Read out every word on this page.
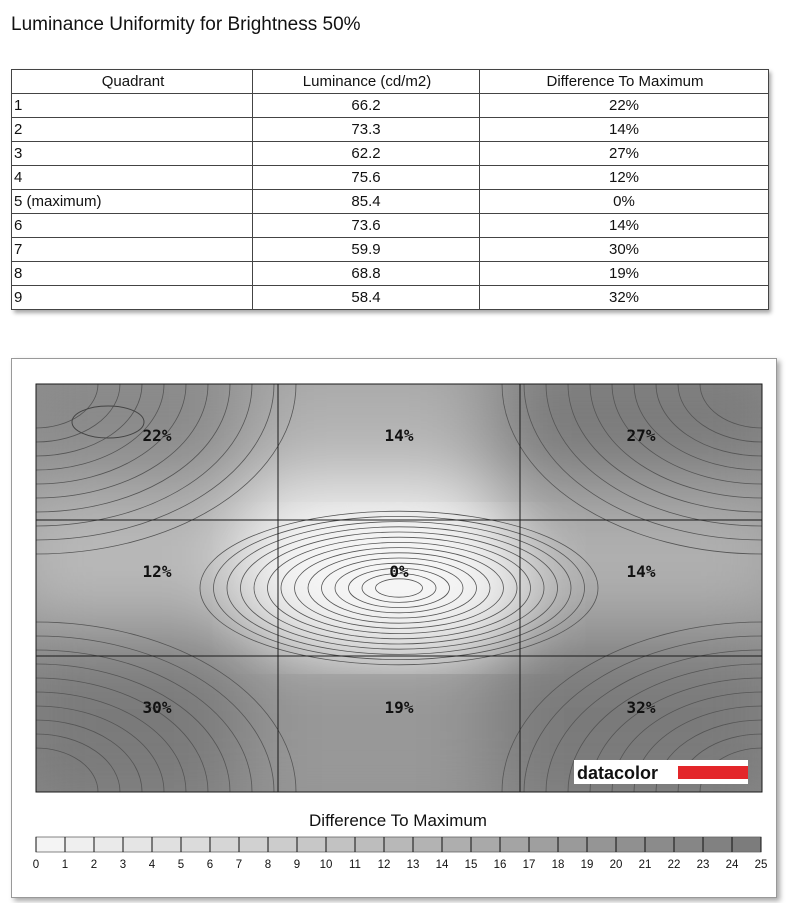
Luminance Uniformity for Brightness 50%
Quadrant	Luminance (cd/m2)	Difference To Maximum
1	66.2	22%
2	73.3	14%
3	62.2	27%
4	75.6	12%
5 (maximum)	85.4	0%
6	73.6	14%
7	59.9	30%
8	68.8	19%
9	58.4	32%
22%	14%	27%
12%	0%	14%
30%	19%	32%
datacolor
Difference To Maximum
0 1 2 3 4 5 6 7 8 9 10 11 12 13 14 15 16 17 18 19 20 21 22 23 24 25
